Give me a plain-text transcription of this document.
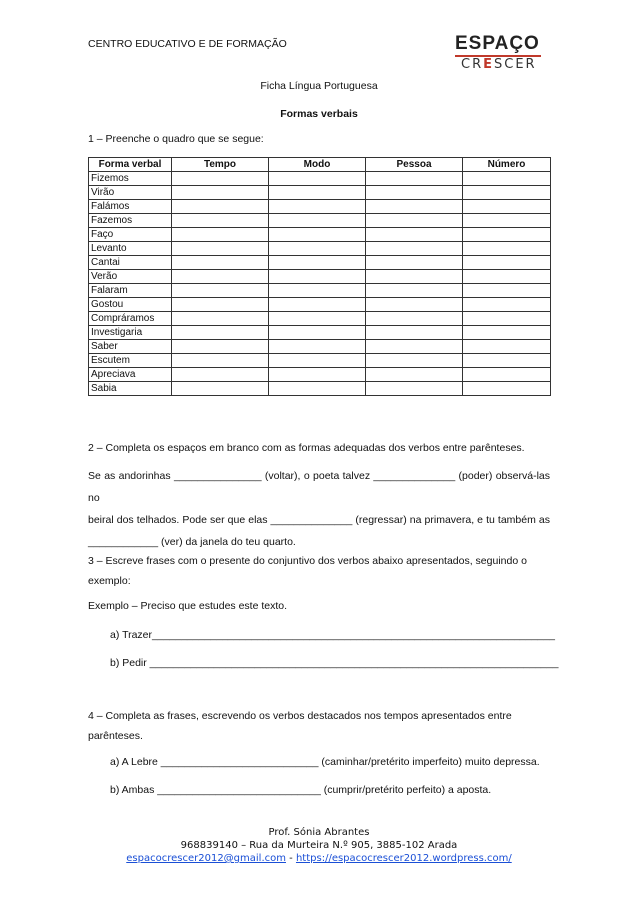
CENTRO EDUCATIVO E DE FORMAÇÃO	ESPAÇO
CRESCER
Ficha Língua Portuguesa
Formas verbais
1 – Preenche o quadro que se segue:
Forma verbal	Tempo	Modo	Pessoa	Número
Fizemos				
Virão				
Falámos				
Fazemos				
Faço				
Levanto				
Cantai				
Verão				
Falaram				
Gostou				
Compráramos				
Investigaria				
Saber				
Escutem				
Apreciava				
Sabia				
2 – Completa os espaços em branco com as formas adequadas dos verbos entre parênteses.
Se as andorinhas _______________ (voltar), o poeta talvez ______________ (poder) observá-las no
beiral dos telhados. Pode ser que elas ______________ (regressar) na primavera, e tu também as
____________ (ver) da janela do teu quarto.
3 – Escreve frases com o presente do conjuntivo dos verbos abaixo apresentados, seguindo o
exemplo:
Exemplo – Preciso que estudes este texto.
a) Trazer_____________________________________________________________________
b) Pedir ______________________________________________________________________
4 – Completa as frases, escrevendo os verbos destacados nos tempos apresentados entre
parênteses.
a) A Lebre ___________________________ (caminhar/pretérito imperfeito) muito depressa.
b) Ambas ____________________________ (cumprir/pretérito perfeito) a aposta.
Prof. Sónia Abrantes
968839140 – Rua da Murteira N.º 905, 3885-102 Arada
espacocrescer2012@gmail.com - https://espacocrescer2012.wordpress.com/
